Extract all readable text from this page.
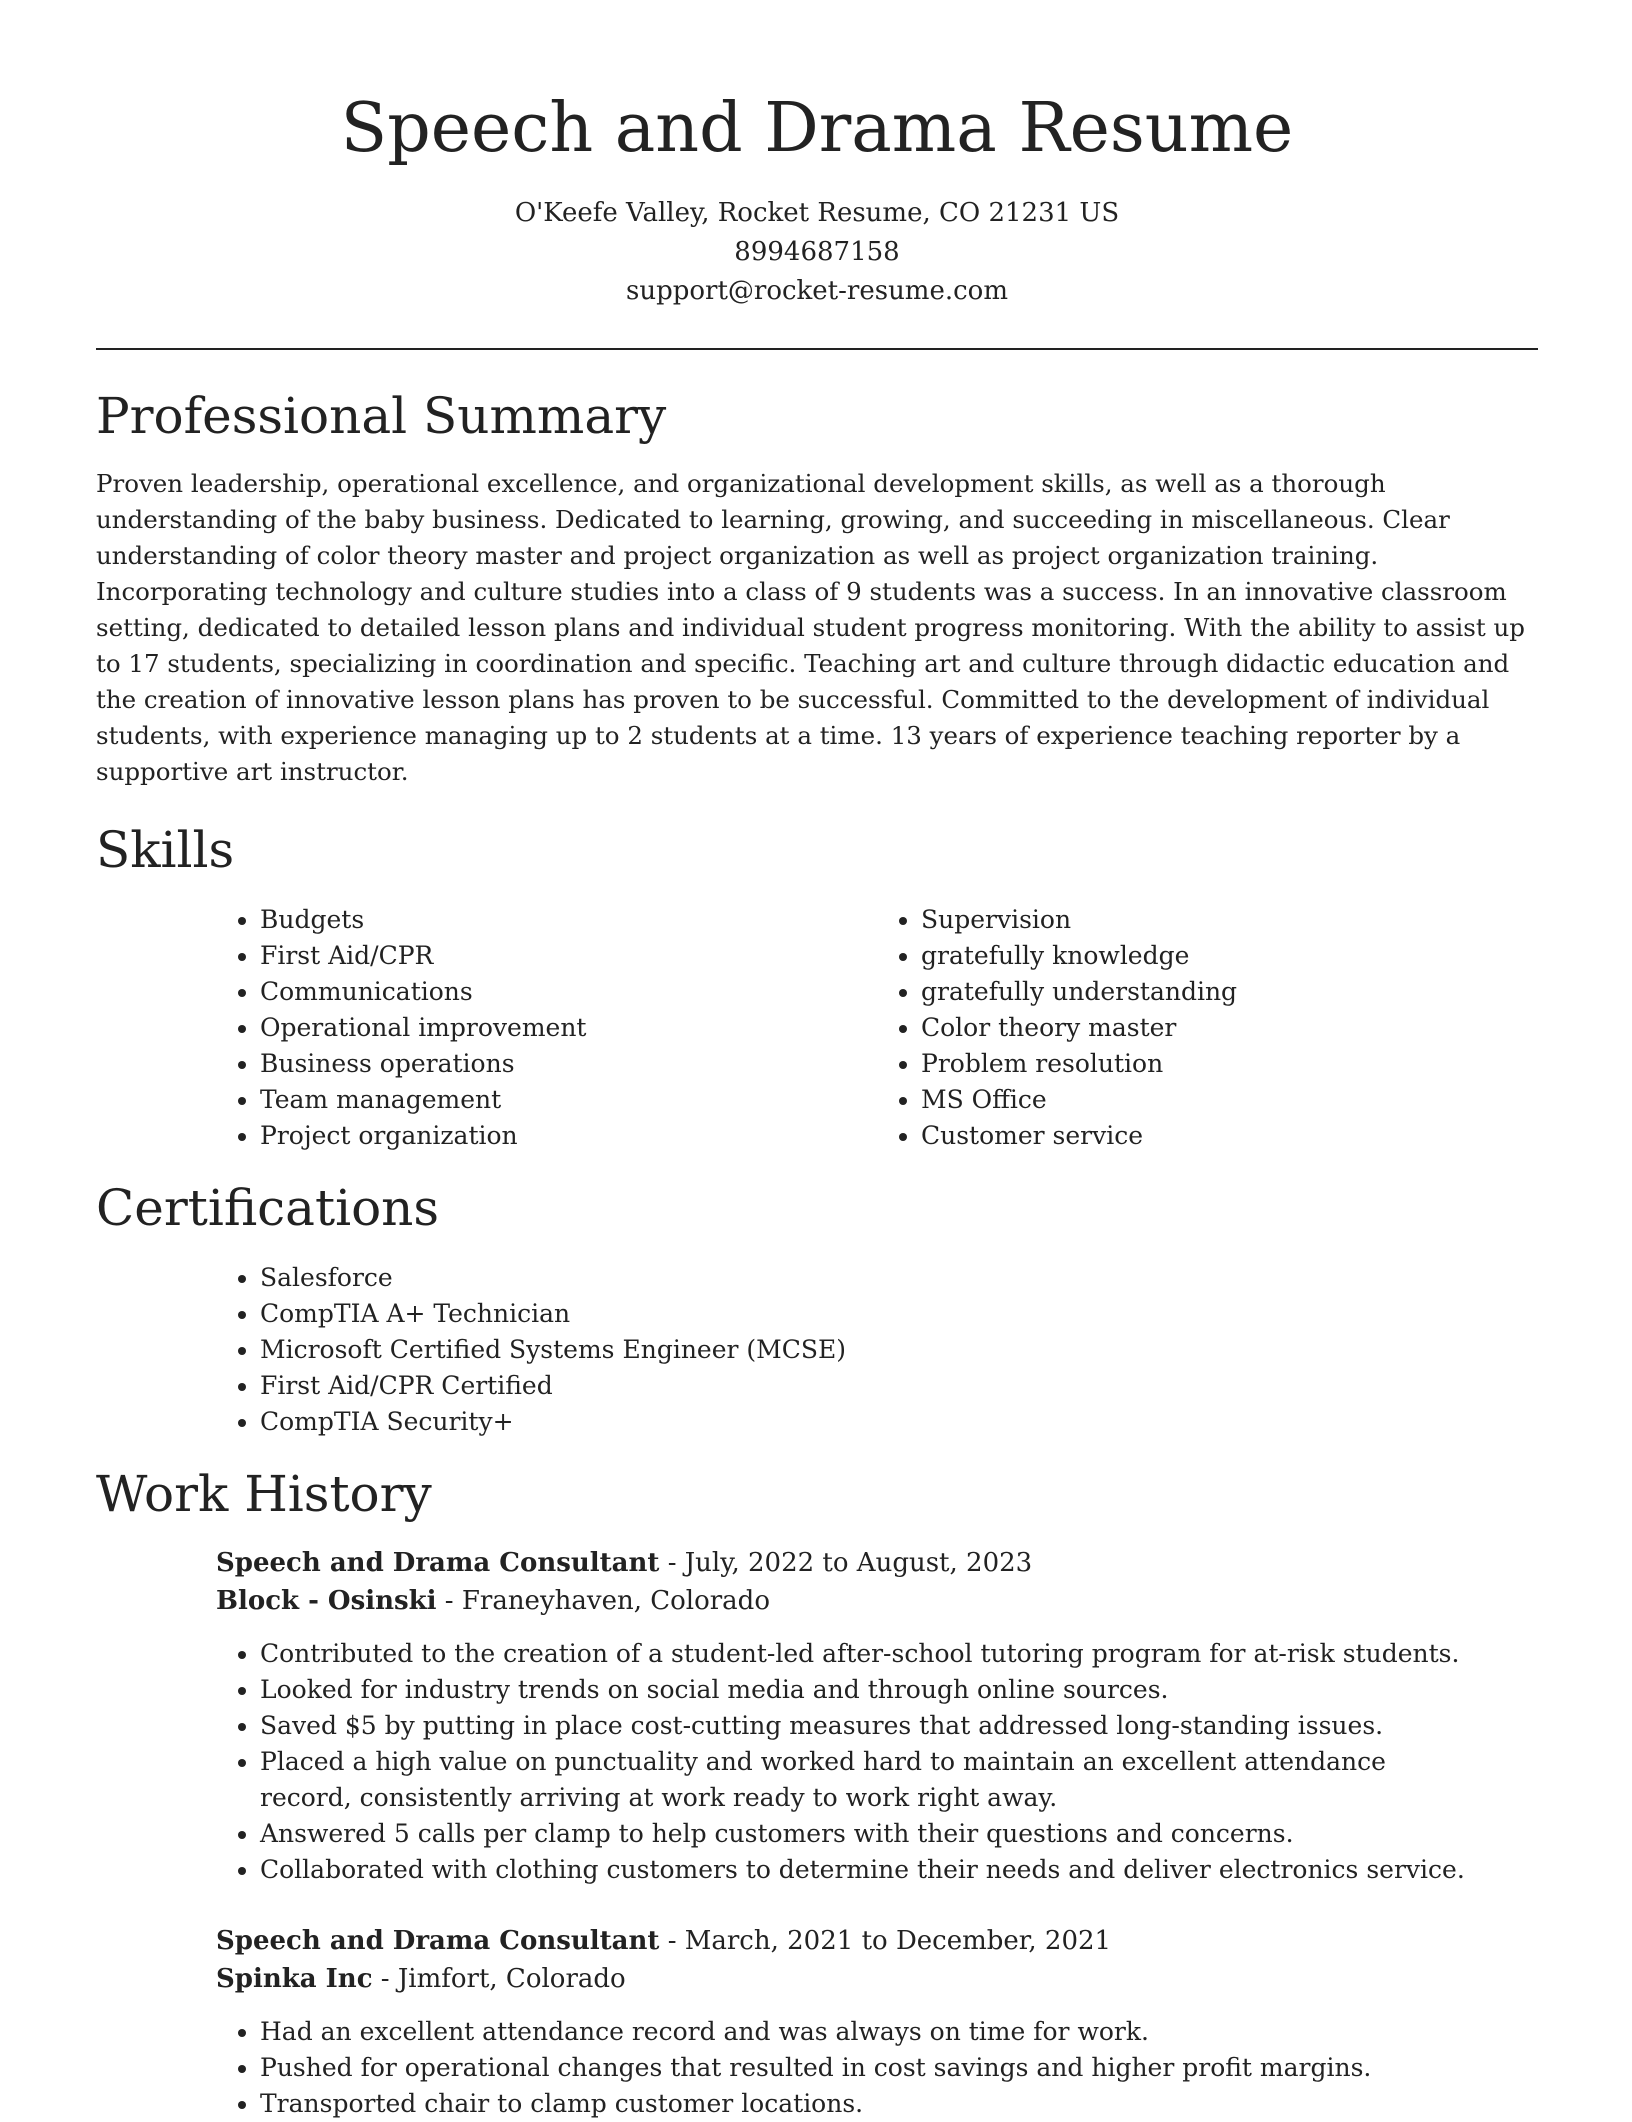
Speech and Drama Resume
O'Keefe Valley, Rocket Resume, CO 21231 US
8994687158
support@rocket-resume.com
Professional Summary

Proven leadership, operational excellence, and organizational development skills, as well as a thorough understanding of the baby business. Dedicated to learning, growing, and succeeding in miscellaneous. Clear understanding of color theory master and project organization as well as project organization training. Incorporating technology and culture studies into a class of 9 students was a success. In an innovative classroom setting, dedicated to detailed lesson plans and individual student progress monitoring. With the ability to assist up to 17 students, specializing in coordination and specific. Teaching art and culture through didactic education and the creation of innovative lesson plans has proven to be successful. Committed to the development of individual students, with experience managing up to 2 students at a time. 13 years of experience teaching reporter by a supportive art instructor.

Skills
• Budgets
• First Aid/CPR
• Communications
• Operational improvement
• Business operations
• Team management
• Project organization
• Supervision
• gratefully knowledge
• gratefully understanding
• Color theory master
• Problem resolution
• MS Office
• Customer service
Certifications
• Salesforce
• CompTIA A+ Technician
• Microsoft Certified Systems Engineer (MCSE)
• First Aid/CPR Certified
• CompTIA Security+
Work History
Speech and Drama Consultant - July, 2022 to August, 2023
Block - Osinski - Franeyhaven, Colorado
• Contributed to the creation of a student-led after-school tutoring program for at-risk students.
• Looked for industry trends on social media and through online sources.
• Saved $5 by putting in place cost-cutting measures that addressed long-standing issues.
• Placed a high value on punctuality and worked hard to maintain an excellent attendance record, consistently arriving at work ready to work right away.
• Answered 5 calls per clamp to help customers with their questions and concerns.
• Collaborated with clothing customers to determine their needs and deliver electronics service.
Speech and Drama Consultant - March, 2021 to December, 2021
Spinka Inc - Jimfort, Colorado
• Had an excellent attendance record and was always on time for work.
• Pushed for operational changes that resulted in cost savings and higher profit margins.
• Transported chair to clamp customer locations.
